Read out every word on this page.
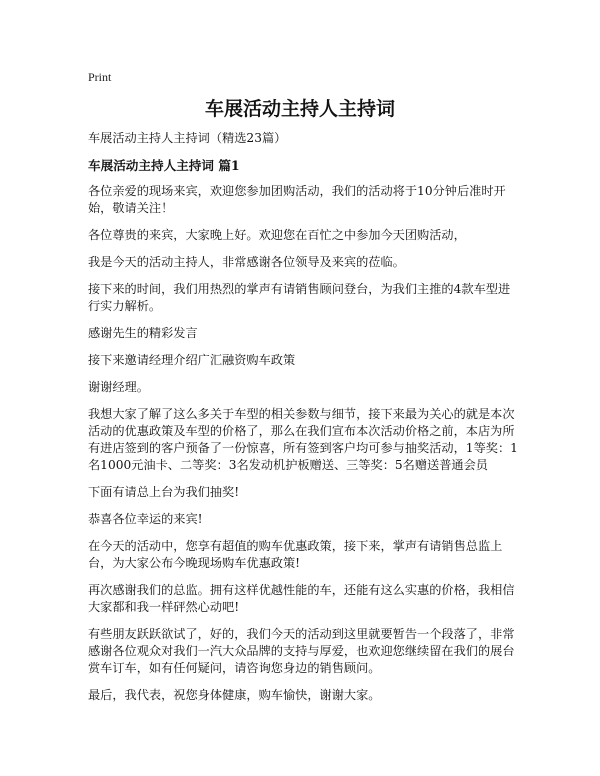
Print
车展活动主持人主持词

车展活动主持人主持词（精选23篇）

车展活动主持人主持词 篇1

各位亲爱的现场来宾，欢迎您参加团购活动，我们的活动将于10分钟后准时开始，敬请关注！

各位尊贵的来宾，大家晚上好。欢迎您在百忙之中参加今天团购活动，

我是今天的活动主持人，非常感谢各位领导及来宾的莅临。

接下来的时间，我们用热烈的掌声有请销售顾问登台，为我们主推的4款车型进行实力解析。

感谢先生的精彩发言

接下来邀请经理介绍广汇融资购车政策

谢谢经理。

我想大家了解了这么多关于车型的相关参数与细节，接下来最为关心的就是本次活动的优惠政策及车型的价格了，那么在我们宣布本次活动价格之前，本店为所有进店签到的客户预备了一份惊喜，所有签到客户均可参与抽奖活动，1等奖：1名1000元油卡、二等奖：3名发动机护板赠送、三等奖：5名赠送普通会员

下面有请总上台为我们抽奖!

恭喜各位幸运的来宾!

在今天的活动中，您享有超值的购车优惠政策，接下来，掌声有请销售总监上台，为大家公布今晚现场购车优惠政策!

再次感谢我们的总监。拥有这样优越性能的车，还能有这么实惠的价格，我相信大家都和我一样砰然心动吧!

有些朋友跃跃欲试了，好的，我们今天的活动到这里就要暂告一个段落了，非常感谢各位观众对我们一汽大众品牌的支持与厚爱，也欢迎您继续留在我们的展台赏车订车，如有任何疑问，请咨询您身边的销售顾问。

最后，我代表，祝您身体健康，购车愉快，谢谢大家。
